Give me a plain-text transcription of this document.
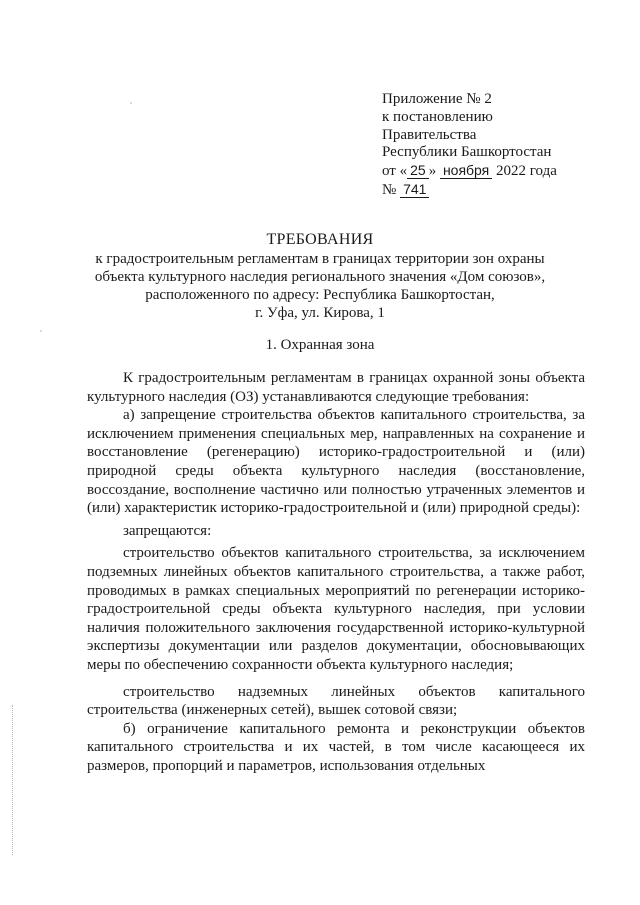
Приложение № 2
к постановлению
Правительства
Республики Башкортостан
от « 25 » ноября 2022 года
№ 741
ТРЕБОВАНИЯ
к градостроительным регламентам в границах территории зон охраны
объекта культурного наследия регионального значения «Дом союзов»,
расположенного по адресу: Республика Башкортостан,
г. Уфа, ул. Кирова, 1
1. Охранная зона

К градостроительным регламентам в границах охранной зоны объекта культурного наследия (ОЗ) устанавливаются следующие требования:

а) запрещение строительства объектов капитального строительства, за исключением применения специальных мер, направленных на сохранение и восстановление (регенерацию) историко-градостроительной и (или) природной среды объекта культурного наследия (восстановление, воссоздание, восполнение частично или полностью утраченных элементов и (или) характеристик историко-градостроительной и (или) природной среды):

запрещаются:

строительство объектов капитального строительства, за исключением подземных линейных объектов капитального строительства, а также работ, проводимых в рамках специальных мероприятий по регенерации историко-градостроительной среды объекта культурного наследия, при условии наличия положительного заключения государственной историко-культурной экспертизы документации или разделов документации, обосновывающих меры по обеспечению сохранности объекта культурного наследия;

строительство надземных линейных объектов капитального строительства (инженерных сетей), вышек сотовой связи;

б) ограничение капитального ремонта и реконструкции объектов капитального строительства и их частей, в том числе касающееся их размеров, пропорций и параметров, использования отдельных
